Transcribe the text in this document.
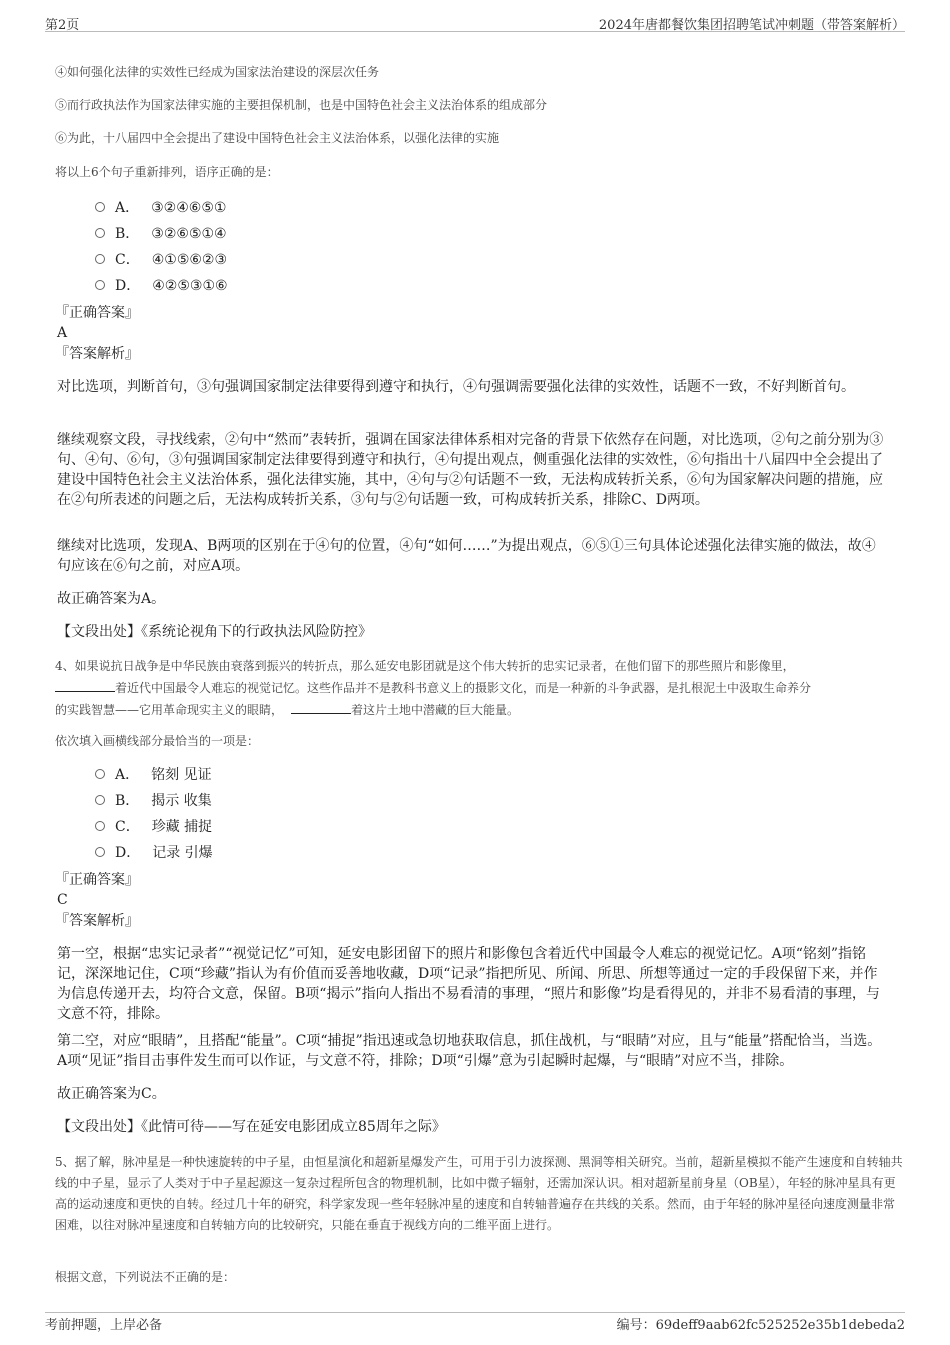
第2页	2024年唐都餐饮集团招聘笔试冲刺题（带答案解析）
④如何强化法律的实效性已经成为国家法治建设的深层次任务
⑤而行政执法作为国家法律实施的主要担保机制，也是中国特色社会主义法治体系的组成部分
⑥为此，十八届四中全会提出了建设中国特色社会主义法治体系，以强化法律的实施
将以上6个句子重新排列，语序正确的是：
A． ③②④⑥⑤①
B． ③②⑥⑤①④
C． ④①⑤⑥②③
D． ④②⑤③①⑥
『正确答案』
A
『答案解析』
对比选项，判断首句，③句强调国家制定法律要得到遵守和执行，④句强调需要强化法律的实效性，话题不一致，不好判断首句。
继续观察文段，寻找线索，②句中“然而”表转折，强调在国家法律体系相对完备的背景下依然存在问题，对比选项，②句之前分别为③句、④句、⑥句，③句强调国家制定法律要得到遵守和执行，④句提出观点，侧重强化法律的实效性，⑥句指出十八届四中全会提出了建设中国特色社会主义法治体系，强化法律实施，其中，④句与②句话题不一致，无法构成转折关系，⑥句为国家解决问题的措施，应在②句所表述的问题之后，无法构成转折关系，③句与②句话题一致，可构成转折关系，排除C、D两项。
继续对比选项，发现A、B两项的区别在于④句的位置，④句“如何……”为提出观点，⑥⑤①三句具体论述强化法律实施的做法，故④句应该在⑥句之前，对应A项。
故正确答案为A。
【文段出处】《系统论视角下的行政执法风险防控》
4、如果说抗日战争是中华民族由衰落到振兴的转折点，那么延安电影团就是这个伟大转折的忠实记录者，在他们留下的那些照片和影像里，
着近代中国最令人难忘的视觉记忆。这些作品并不是教科书意义上的摄影文化，而是一种新的斗争武器，是扎根泥土中汲取生命养分
的实践智慧——它用革命现实主义的眼睛，	着这片土地中潜藏的巨大能量。
依次填入画横线部分最恰当的一项是：
A． 铭刻 见证
B． 揭示 收集
C． 珍藏 捕捉
D． 记录 引爆
『正确答案』
C
『答案解析』
第一空，根据“忠实记录者”“视觉记忆”可知，延安电影团留下的照片和影像包含着近代中国最令人难忘的视觉记忆。A项“铭刻”指铭记，深深地记住，C项“珍藏”指认为有价值而妥善地收藏，D项“记录”指把所见、所闻、所思、所想等通过一定的手段保留下来，并作为信息传递开去，均符合文意，保留。B项“揭示”指向人指出不易看清的事理，“照片和影像”均是看得见的，并非不易看清的事理，与文意不符，排除。
第二空，对应“眼睛”，且搭配“能量”。C项“捕捉”指迅速或急切地获取信息，抓住战机，与“眼睛”对应，且与“能量”搭配恰当，当选。A项“见证”指目击事件发生而可以作证，与文意不符，排除；D项“引爆”意为引起瞬时起爆，与“眼睛”对应不当，排除。
故正确答案为C。
【文段出处】《此情可待——写在延安电影团成立85周年之际》
5、据了解，脉冲星是一种快速旋转的中子星，由恒星演化和超新星爆发产生，可用于引力波探测、黑洞等相关研究。当前，超新星模拟不能产生速度和自转轴共线的中子星，显示了人类对于中子星起源这一复杂过程所包含的物理机制，比如中微子辐射，还需加深认识。相对超新星前身星（OB星），年轻的脉冲星具有更高的运动速度和更快的自转。经过几十年的研究，科学家发现一些年轻脉冲星的速度和自转轴普遍存在共线的关系。然而，由于年轻的脉冲星径向速度测量非常困难，以往对脉冲星速度和自转轴方向的比较研究，只能在垂直于视线方向的二维平面上进行。
根据文意，下列说法不正确的是：
考前押题，上岸必备	编号：69deff9aab62fc525252e35b1debeda2
